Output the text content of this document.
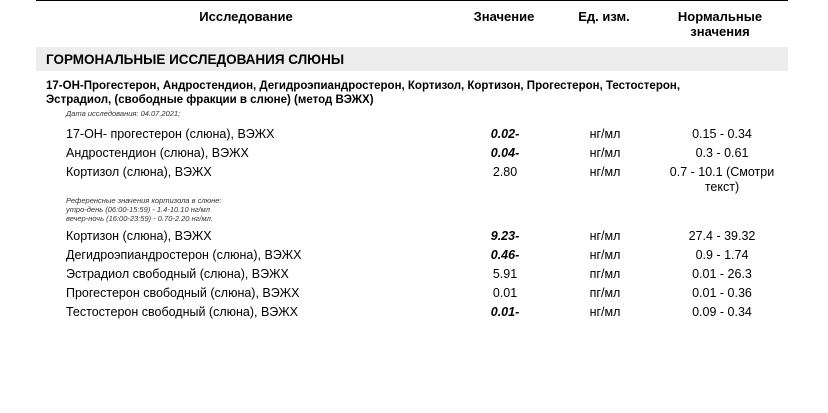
Исследование	Значение	Ед. изм.	Нормальные
значения
ГОРМОНАЛЬНЫЕ ИССЛЕДОВАНИЯ СЛЮНЫ
17-ОН-Прогестерон, Андростендион, Дегидроэпиандростерон, Кортизол, Кортизон, Прогестерон, Тестостерон,
Эстрадиол, (свободные фракции в слюне) (метод ВЭЖХ)
Дата исследования: 04.07.2021;
17-ОН- прогестерон (слюна), ВЭЖХ	0.02-	нг/мл	0.15 - 0.34
Андростендион (слюна), ВЭЖХ	0.04-	нг/мл	0.3 - 0.61
Кортизол (слюна), ВЭЖХ	2.80	нг/мл	0.7 - 10.1 (Смотри
текст)
Референсные значения кортизола в слюне:
утро-день (06:00-15:59) - 1.4-10.10 нг/мл
вечер-ночь (16:00-23:59) - 0.70-2.20 нг/мл.
Кортизон (слюна), ВЭЖХ	9.23-	нг/мл	27.4 - 39.32
Дегидроэпиандростерон (слюна), ВЭЖХ	0.46-	нг/мл	0.9 - 1.74
Эстрадиол свободный (слюна), ВЭЖХ	5.91	пг/мл	0.01 - 26.3
Прогестерон свободный (слюна), ВЭЖХ	0.01	пг/мл	0.01 - 0.36
Тестостерон свободный (слюна), ВЭЖХ	0.01-	нг/мл	0.09 - 0.34
